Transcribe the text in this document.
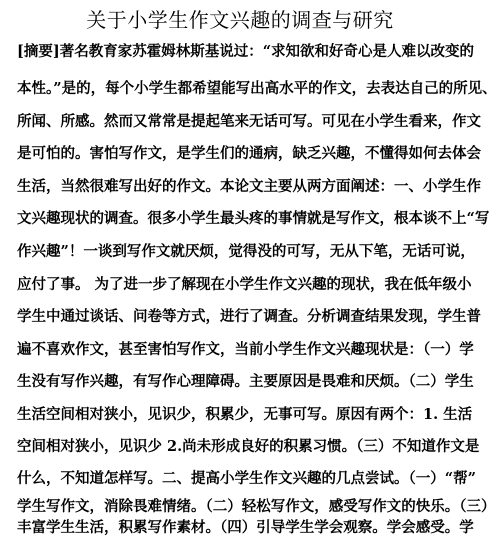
关于小学生作文兴趣的调查与研究
[摘要]著名教育家苏霍姆林斯基说过：“求知欲和好奇心是人难以改变的
本性。”是的，每个小学生都希望能写出高水平的作文，去表达自己的所见、
所闻、所感。然而又常常是提起笔来无话可写。可见在小学生看来，作文
是可怕的。害怕写作文，是学生们的通病，缺乏兴趣，不懂得如何去体会
生活，当然很难写出好的作文。本论文主要从两方面阐述：一、小学生作
文兴趣现状的调查。很多小学生最头疼的事情就是写作文，根本谈不上“写
作兴趣”！一谈到写作文就厌烦，觉得没的可写，无从下笔，无话可说，
应付了事。 为了进一步了解现在小学生作文兴趣的现状，我在低年级小
学生中通过谈话、问卷等方式，进行了调查。分析调查结果发现，学生普
遍不喜欢作文，甚至害怕写作文，当前小学生作文兴趣现状是：（一）学
生没有写作兴趣，有写作心理障碍。主要原因是畏难和厌烦。（二）学生
生活空间相对狭小，见识少，积累少，无事可写。原因有两个：1. 生活
空间相对狭小，见识少 2.尚未形成良好的积累习惯。（三）不知道作文是
什么，不知道怎样写。二、提高小学生作文兴趣的几点尝试。（一）“帮”
学生写作文，消除畏难情绪。（二）轻松写作文，感受写作文的快乐。（三）
丰富学生生活，积累写作素材。（四）引导学生学会观察。学会感受。学
